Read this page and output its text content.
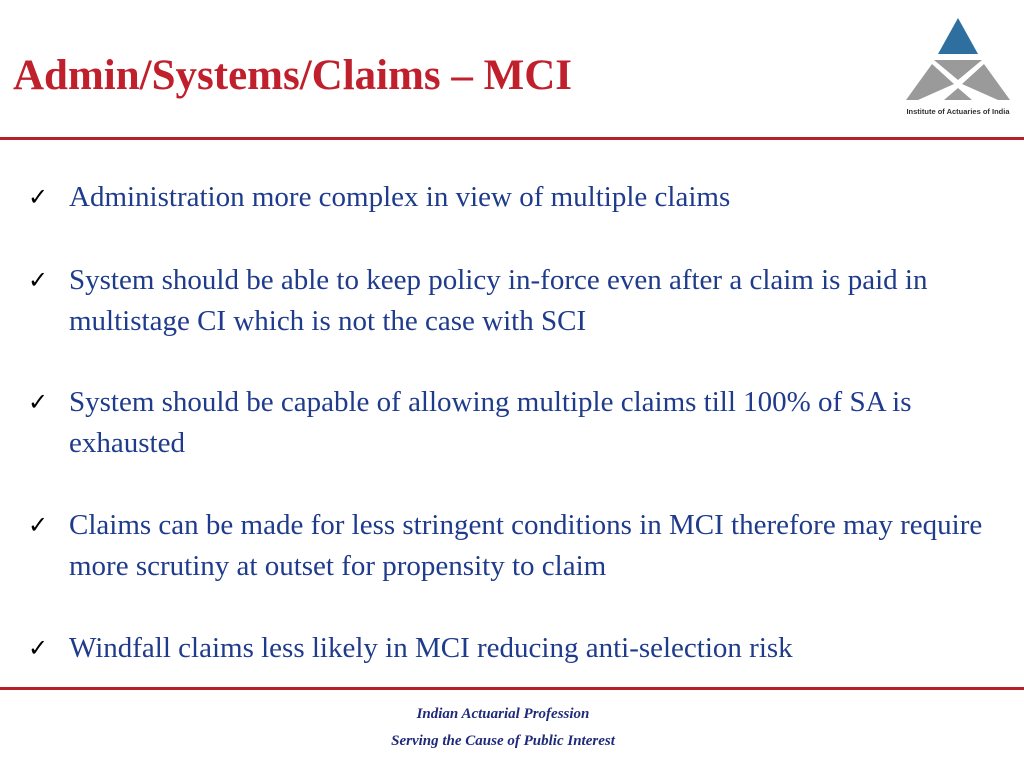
Admin/Systems/Claims – MCI
Institute of Actuaries of India
✓ Administration more complex in view of multiple claims
✓ System should be able to keep policy in-force even after a claim is paid in multistage CI which is not the case with SCI
✓ System should be capable of allowing multiple claims till 100% of SA is exhausted
✓ Claims can be made for less stringent conditions in MCI therefore may require more scrutiny at outset for propensity to claim
✓ Windfall claims less likely in MCI reducing anti-selection risk
Indian Actuarial Profession
Serving the Cause of Public Interest
